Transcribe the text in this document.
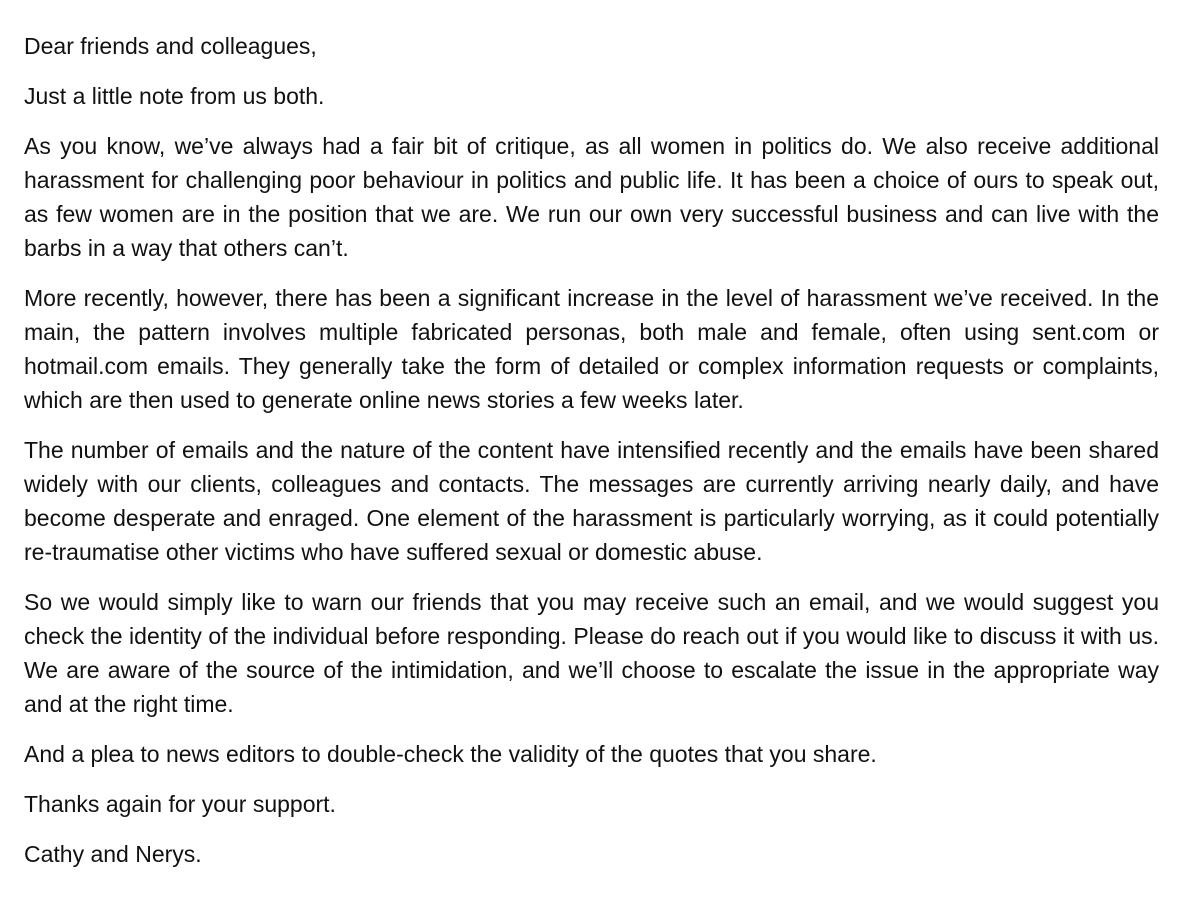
Dear friends and colleagues,

Just a little note from us both.

As you know, we’ve always had a fair bit of critique, as all women in politics do. We also receive additional harassment for challenging poor behaviour in politics and public life. It has been a choice of ours to speak out, as few women are in the position that we are. We run our own very successful business and can live with the barbs in a way that others can’t.

More recently, however, there has been a significant increase in the level of harassment we’ve received. In the main, the pattern involves multiple fabricated personas, both male and female, often using sent.com or hotmail.com emails. They generally take the form of detailed or complex information requests or complaints, which are then used to generate online news stories a few weeks later.

The number of emails and the nature of the content have intensified recently and the emails have been shared widely with our clients, colleagues and contacts. The messages are currently arriving nearly daily, and have become desperate and enraged. One element of the harassment is particularly worrying, as it could potentially re-traumatise other victims who have suffered sexual or domestic abuse.

So we would simply like to warn our friends that you may receive such an email, and we would suggest you check the identity of the individual before responding. Please do reach out if you would like to discuss it with us. We are aware of the source of the intimidation, and we’ll choose to escalate the issue in the appropriate way and at the right time.

And a plea to news editors to double-check the validity of the quotes that you share.

Thanks again for your support.

Cathy and Nerys.
